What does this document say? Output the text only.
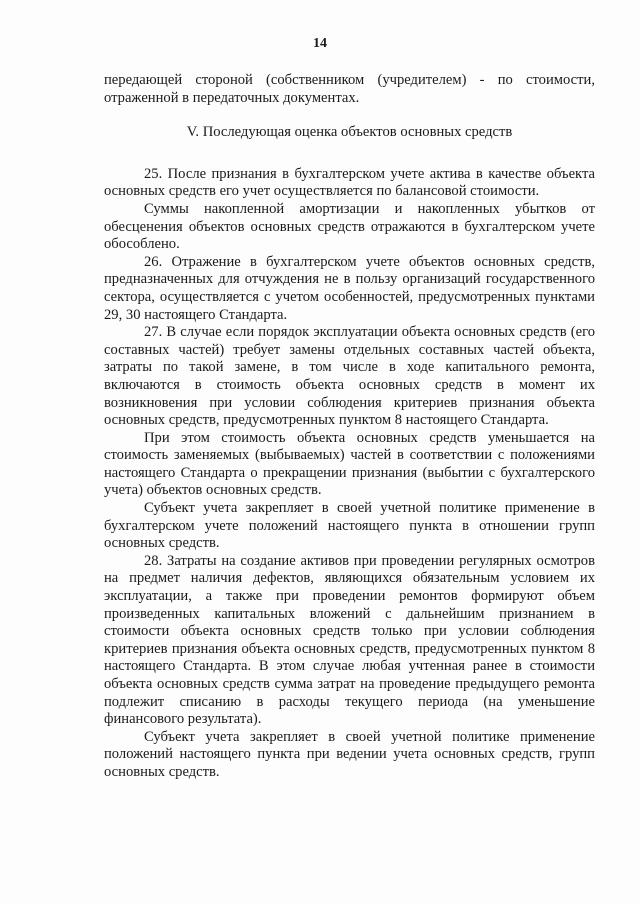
14

передающей стороной (собственником (учредителем) - по стоимости, отраженной в передаточных документах.

V. Последующая оценка объектов основных средств

25. После признания в бухгалтерском учете актива в качестве объекта основных средств его учет осуществляется по балансовой стоимости.

Суммы накопленной амортизации и накопленных убытков от обесценения объектов основных средств отражаются в бухгалтерском учете обособлено.

26. Отражение в бухгалтерском учете объектов основных средств, предназначенных для отчуждения не в пользу организаций государственного сектора, осуществляется с учетом особенностей, предусмотренных пунктами 29, 30 настоящего Стандарта.

27. В случае если порядок эксплуатации объекта основных средств (его составных частей) требует замены отдельных составных частей объекта, затраты по такой замене, в том числе в ходе капитального ремонта, включаются в стоимость объекта основных средств в момент их возникновения при условии соблюдения критериев признания объекта основных средств, предусмотренных пунктом 8 настоящего Стандарта.

При этом стоимость объекта основных средств уменьшается на стоимость заменяемых (выбываемых) частей в соответствии с положениями настоящего Стандарта о прекращении признания (выбытии с бухгалтерского учета) объектов основных средств.

Субъект учета закрепляет в своей учетной политике применение в бухгалтерском учете положений настоящего пункта в отношении групп основных средств.

28. Затраты на создание активов при проведении регулярных осмотров на предмет наличия дефектов, являющихся обязательным условием их эксплуатации, а также при проведении ремонтов формируют объем произведенных капитальных вложений с дальнейшим признанием в стоимости объекта основных средств только при условии соблюдения критериев признания объекта основных средств, предусмотренных пунктом 8 настоящего Стандарта. В этом случае любая учтенная ранее в стоимости объекта основных средств сумма затрат на проведение предыдущего ремонта подлежит списанию в расходы текущего периода (на уменьшение финансового результата).

Субъект учета закрепляет в своей учетной политике применение положений настоящего пункта при ведении учета основных средств, групп основных средств.
